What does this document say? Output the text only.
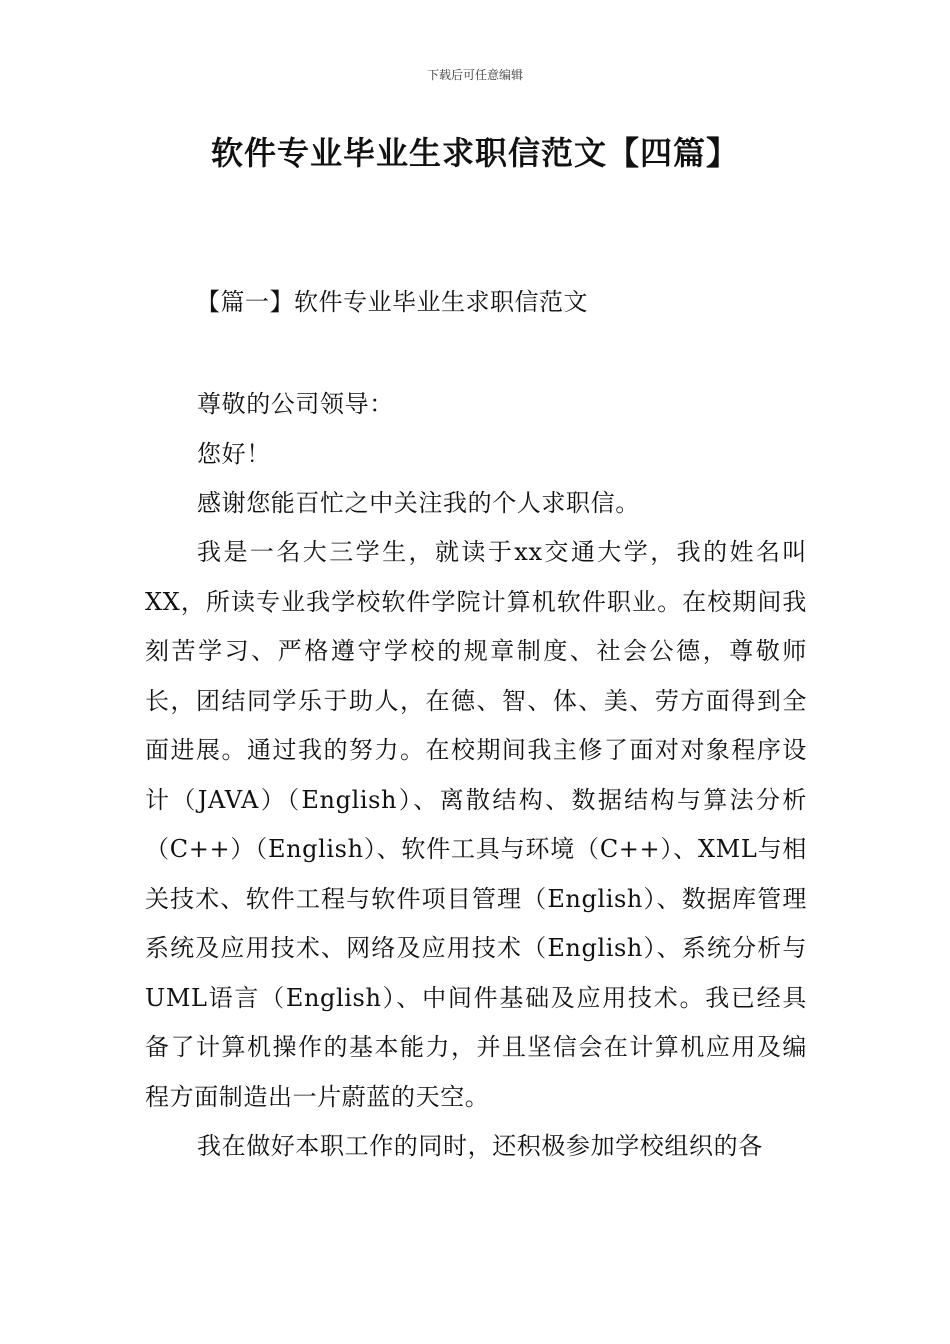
下载后可任意编辑
软件专业毕业生求职信范文【四篇】
【篇一】软件专业毕业生求职信范文

尊敬的公司领导：

您好！

感谢您能百忙之中关注我的个人求职信。

我是一名大三学生，就读于xx交通大学，我的姓名叫XX，所读专业我学校软件学院计算机软件职业。在校期间我刻苦学习、严格遵守学校的规章制度、社会公德，尊敬师长，团结同学乐于助人，在德、智、体、美、劳方面得到全面进展。通过我的努力。在校期间我主修了面对对象程序设计（JAVA）（English）、离散结构、数据结构与算法分析（C++）（English）、软件工具与环境（C++）、XML与相关技术、软件工程与软件项目管理（English）、数据库管理系统及应用技术、网络及应用技术（English）、系统分析与UML语言（English）、中间件基础及应用技术。我已经具备了计算机操作的基本能力，并且坚信会在计算机应用及编程方面制造出一片蔚蓝的天空。

我在做好本职工作的同时，还积极参加学校组织的各
